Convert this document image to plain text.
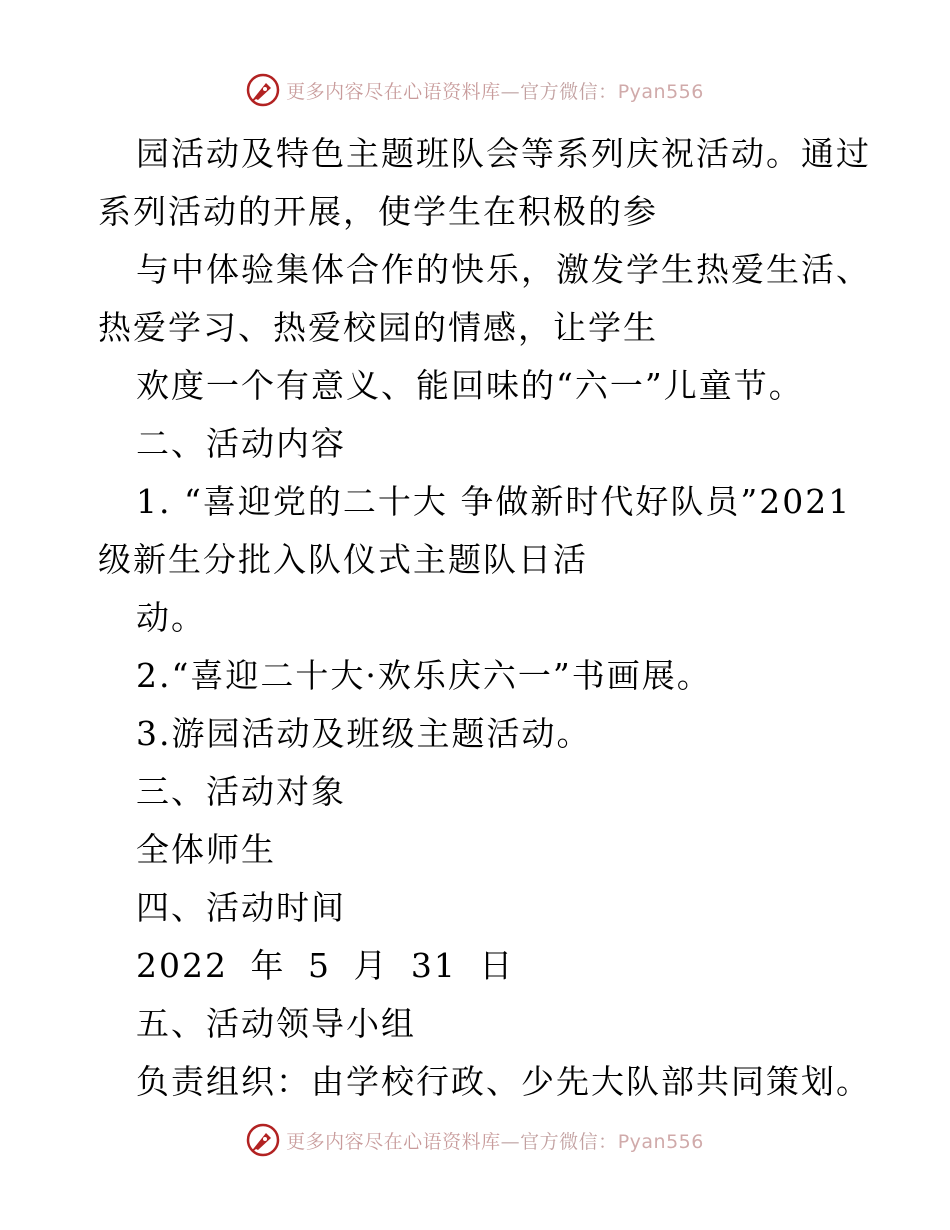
更多内容尽在心语资料库—官方微信：Pyan556
园活动及特色主题班队会等系列庆祝活动。通过
系列活动的开展，使学生在积极的参
与中体验集体合作的快乐，激发学生热爱生活、
热爱学习、热爱校园的情感，让学生
欢度一个有意义、能回味的“六一”儿童节。
二、活动内容
1. “喜迎党的二十大 争做新时代好队员”2021
级新生分批入队仪式主题队日活
动。
2.“喜迎二十大·欢乐庆六一”书画展。
3.游园活动及班级主题活动。
三、活动对象
全体师生
四、活动时间
2022 年 5 月 31 日
五、活动领导小组
负责组织：由学校行政、少先大队部共同策划。
更多内容尽在心语资料库—官方微信：Pyan556
